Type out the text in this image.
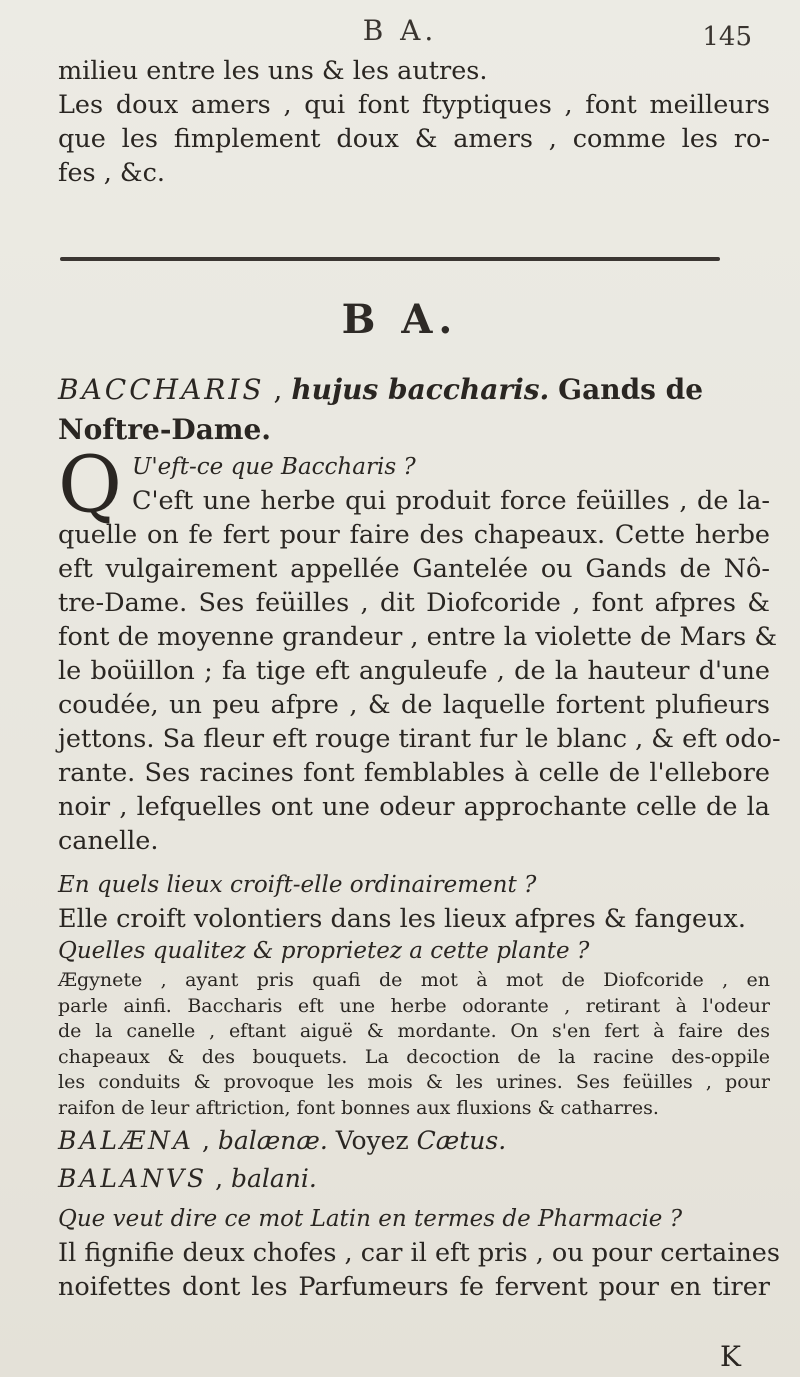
B A.	145
milieu entre les uns & les autres.
Les doux amers , qui font ftyptiques , font meilleurs
que les fimplement doux & amers , comme les ro-
fes , &c.
B A.
BACCHARIS , hujus baccharis. Gands de Noftre-Dame.
Q U'eft-ce que Baccharis ?
C'eft une herbe qui produit force feüilles , de la-
quelle on fe fert pour faire des chapeaux. Cette herbe
eft vulgairement appellée Gantelée ou Gands de Nô-
tre-Dame. Ses feüilles , dit Diofcoride , font afpres &
font de moyenne grandeur , entre la violette de Mars &
le boüillon ; fa tige eft anguleufe , de la hauteur d'une
coudée, un peu afpre , & de laquelle fortent plufieurs
jettons. Sa fleur eft rouge tirant fur le blanc , & eft odo-
rante. Ses racines font femblables à celle de l'ellebore
noir , lefquelles ont une odeur approchante celle de la
canelle.
En quels lieux croift-elle ordinairement ?
Elle croift volontiers dans les lieux afpres & fangeux.
Quelles qualitez & proprietez a cette plante ?
Ægynete , ayant pris quafi de mot à mot de Diofcoride , en
parle ainfi. Baccharis eft une herbe odorante , retirant à l'odeur
de la canelle , eftant aiguë & mordante. On s'en fert à faire des
chapeaux & des bouquets. La decoction de la racine des-oppile
les conduits & provoque les mois & les urines. Ses feüilles , pour
raifon de leur aftriction, font bonnes aux fluxions & catharres.
BALÆNA , balænæ. Voyez Cætus.
BALANVS , balani.
Que veut dire ce mot Latin en termes de Pharmacie ?
Il fignifie deux chofes , car il eft pris , ou pour certaines
noifettes dont les Parfumeurs fe fervent pour en tirer
K
